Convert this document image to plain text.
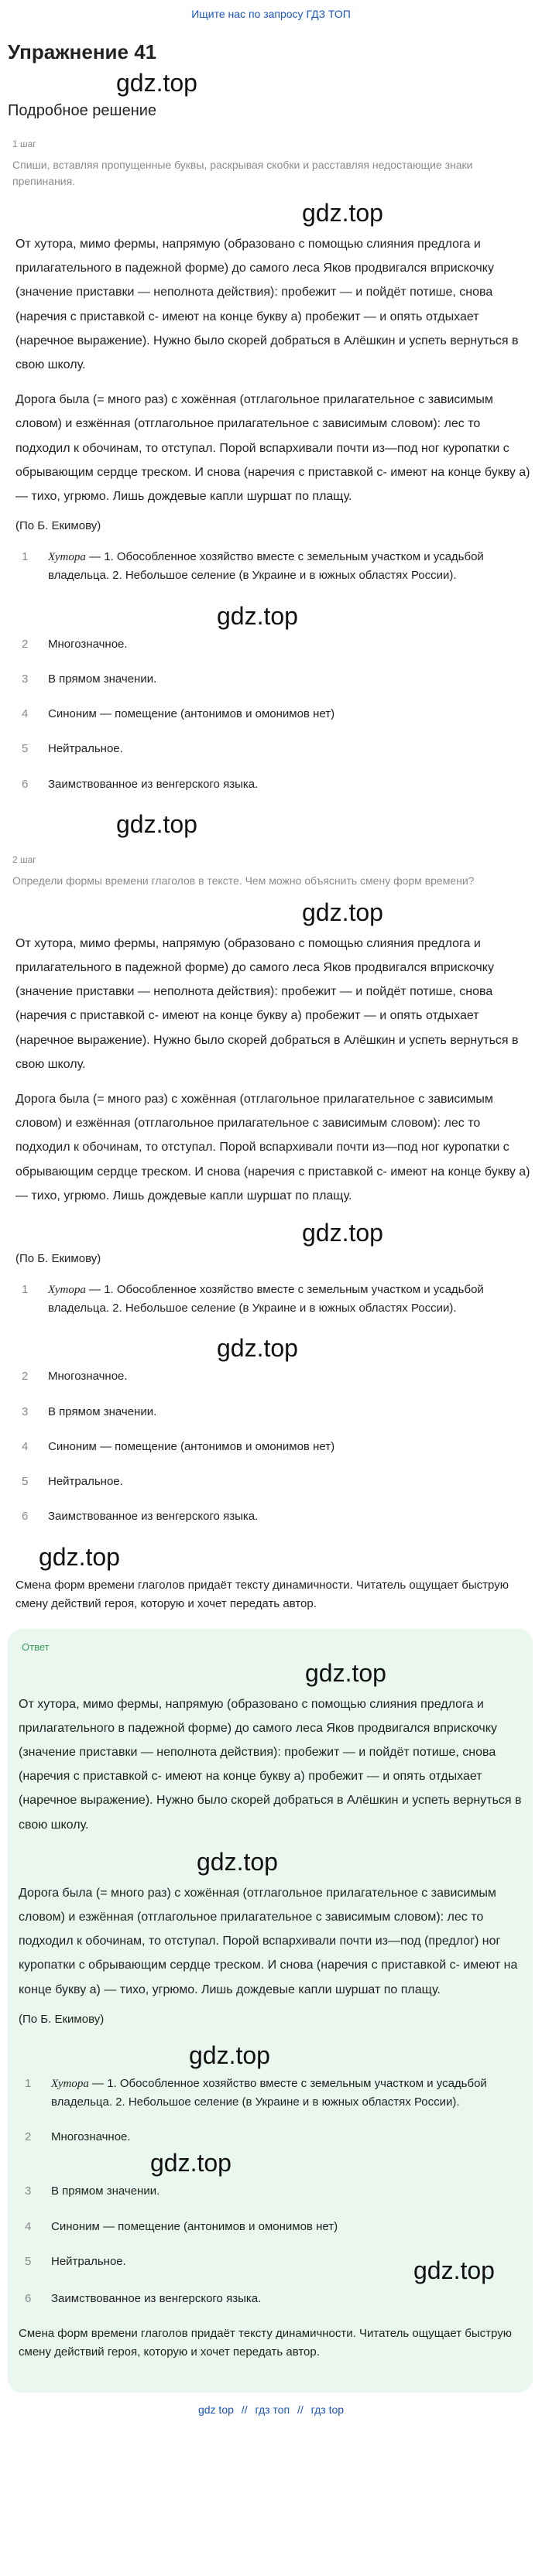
Ищите нас по запросу ГДЗ ТОП
Упражнение 41
gdz.top
Подробное решение
1 шаг
Спиши, вставляя пропущенные буквы, раскрывая скобки и расставляя недостающие знаки препинания.
gdz.top

От хутора, мимо фермы, напрямую (образовано с помощью слияния предлога и прилагательного в падежной форме) до самого леса Яков продвигался вприскочку (значение приставки — неполнота действия): пробежит — и пойдёт потише, снова (наречия с приставкой с- имеют на конце букву а) пробежит — и опять отдыхает (наречное выражение). Нужно было скорей добраться в Алёшкин и успеть вернуться в свою школу.

Дорога была (= много раз) с хожённая (отглагольное прилагательное с зависимым словом) и езжённая (отглагольное прилагательное с зависимым словом): лес то подходил к обочинам, то отступал. Порой вспархивали почти из—под ног куропатки с обрывающим сердце треском. И снова (наречия с приставкой с- имеют на конце букву а) — тихо, угрюмо. Лишь дождевые капли шуршат по плащу.

(По Б. Екимову)
1	Хутора — 1. Обособленное хозяйство вместе с земельным участком и усадьбой владельца. 2. Небольшое селение (в Украине и в южных областях России).
gdz.top
2	Многозначное.
3	В прямом значении.
4	Синоним — помещение (антонимов и омонимов нет)
5	Нейтральное.
6	Заимствованное из венгерского языка.
gdz.top
2 шаг
Определи формы времени глаголов в тексте. Чем можно объяснить смену форм времени?
gdz.top

От хутора, мимо фермы, напрямую (образовано с помощью слияния предлога и прилагательного в падежной форме) до самого леса Яков продвигался вприскочку (значение приставки — неполнота действия): пробежит — и пойдёт потише, снова (наречия с приставкой с- имеют на конце букву а) пробежит — и опять отдыхает (наречное выражение). Нужно было скорей добраться в Алёшкин и успеть вернуться в свою школу.

Дорога была (= много раз) с хожённая (отглагольное прилагательное с зависимым словом) и езжённая (отглагольное прилагательное с зависимым словом): лес то подходил к обочинам, то отступал. Порой вспархивали почти из—под ног куропатки с обрывающим сердце треском. И снова (наречия с приставкой с- имеют на конце букву а) — тихо, угрюмо. Лишь дождевые капли шуршат по плащу.

gdz.top
(По Б. Екимову)
1	Хутора — 1. Обособленное хозяйство вместе с земельным участком и усадьбой владельца. 2. Небольшое селение (в Украине и в южных областях России).
gdz.top
2	Многозначное.
3	В прямом значении.
4	Синоним — помещение (антонимов и омонимов нет)
5	Нейтральное.
6	Заимствованное из венгерского языка.
gdz.top
Смена форм времени глаголов придаёт тексту динамичности. Читатель ощущает быструю смену действий героя, которую и хочет передать автор.
Ответ
gdz.top

От хутора, мимо фермы, напрямую (образовано с помощью слияния предлога и прилагательного в падежной форме) до самого леса Яков продвигался вприскочку (значение приставки — неполнота действия): пробежит — и пойдёт потише, снова (наречия с приставкой с- имеют на конце букву а) пробежит — и опять отдыхает (наречное выражение). Нужно было скорей добраться в Алёшкин и успеть вернуться в свою школу.

gdz.top

Дорога была (= много раз) с хожённая (отглагольное прилагательное с зависимым словом) и езжённая (отглагольное прилагательное с зависимым словом): лес то подходил к обочинам, то отступал. Порой вспархивали почти из—под (предлог) ног куропатки с обрывающим сердце треском. И снова (наречия с приставкой с- имеют на конце букву а) — тихо, угрюмо. Лишь дождевые капли шуршат по плащу.

(По Б. Екимову)
gdz.top
1	Хутора — 1. Обособленное хозяйство вместе с земельным участком и усадьбой владельца. 2. Небольшое селение (в Украине и в южных областях России).
2	Многозначное.
gdz.top
3	В прямом значении.
4	Синоним — помещение (антонимов и омонимов нет)
5	Нейтральное.	gdz.top
6	Заимствованное из венгерского языка.
Смена форм времени глаголов придаёт тексту динамичности. Читатель ощущает быструю смену действий героя, которую и хочет передать автор.
gdz top // гдз топ // гдз top
